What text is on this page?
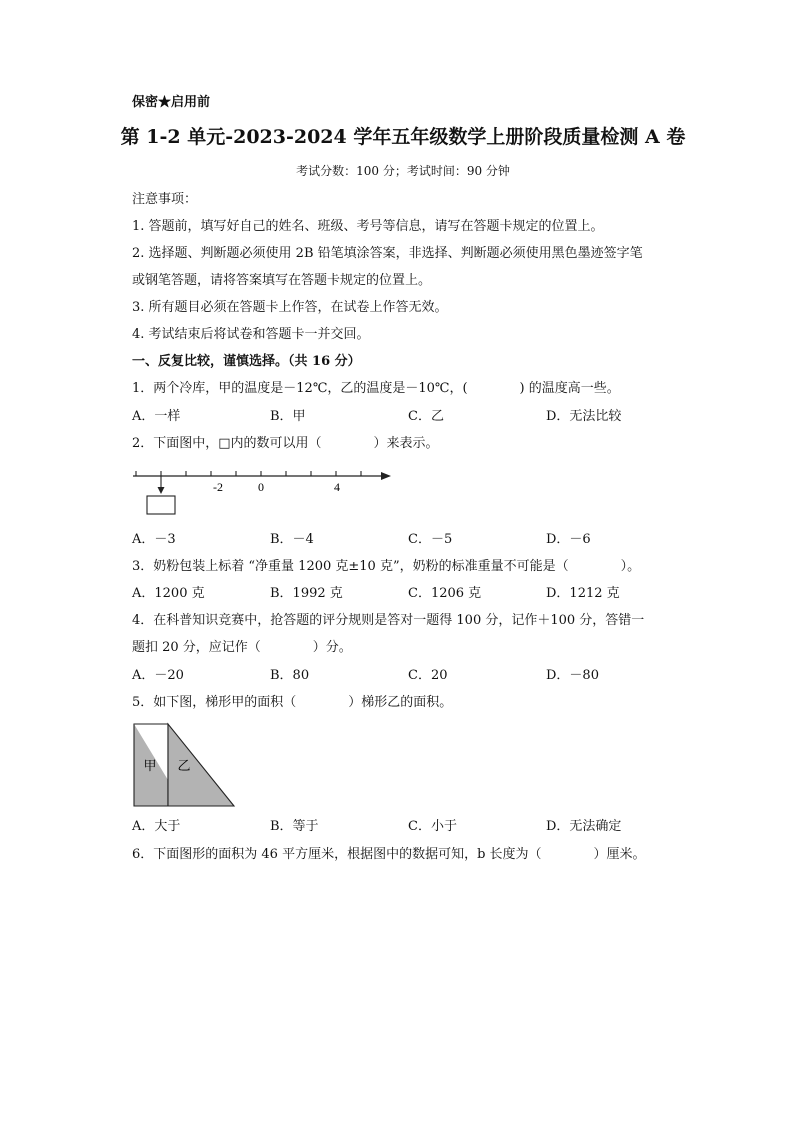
保密★启用前
第 1-2 单元-2023-2024 学年五年级数学上册阶段质量检测 A 卷
考试分数：100 分；考试时间：90 分钟
注意事项：
1. 答题前，填写好自己的姓名、班级、考号等信息，请写在答题卡规定的位置上。
2. 选择题、判断题必须使用 2B 铅笔填涂答案，非选择、判断题必须使用黑色墨迹签字笔
或钢笔答题，请将答案填写在答题卡规定的位置上。
3. 所有题目必须在答题卡上作答，在试卷上作答无效。
4. 考试结束后将试卷和答题卡一并交回。
一、反复比较，谨慎选择。（共 16 分）
1．两个冷库，甲的温度是－12℃，乙的温度是－10℃，(　　　　) 的温度高一些。
A．一样	B．甲	C．乙	D．无法比较
2．下面图中，□内的数可以用（　　　　）来表示。
-2	0	4
A．－3	B．－4	C．－5	D．－6
3．奶粉包装上标着 “净重量 1200 克±10 克”，奶粉的标准重量不可能是（　　　　）。
A．1200 克	B．1992 克	C．1206 克	D．1212 克
4．在科普知识竞赛中，抢答题的评分规则是答对一题得 100 分，记作＋100 分，答错一
题扣 20 分，应记作（　　　　）分。
A．－20	B．80	C．20	D．－80
5．如下图，梯形甲的面积（　　　　）梯形乙的面积。
甲 乙
A．大于	B．等于	C．小于	D．无法确定
6．下面图形的面积为 46 平方厘米，根据图中的数据可知，b 长度为（　　　　）厘米。
